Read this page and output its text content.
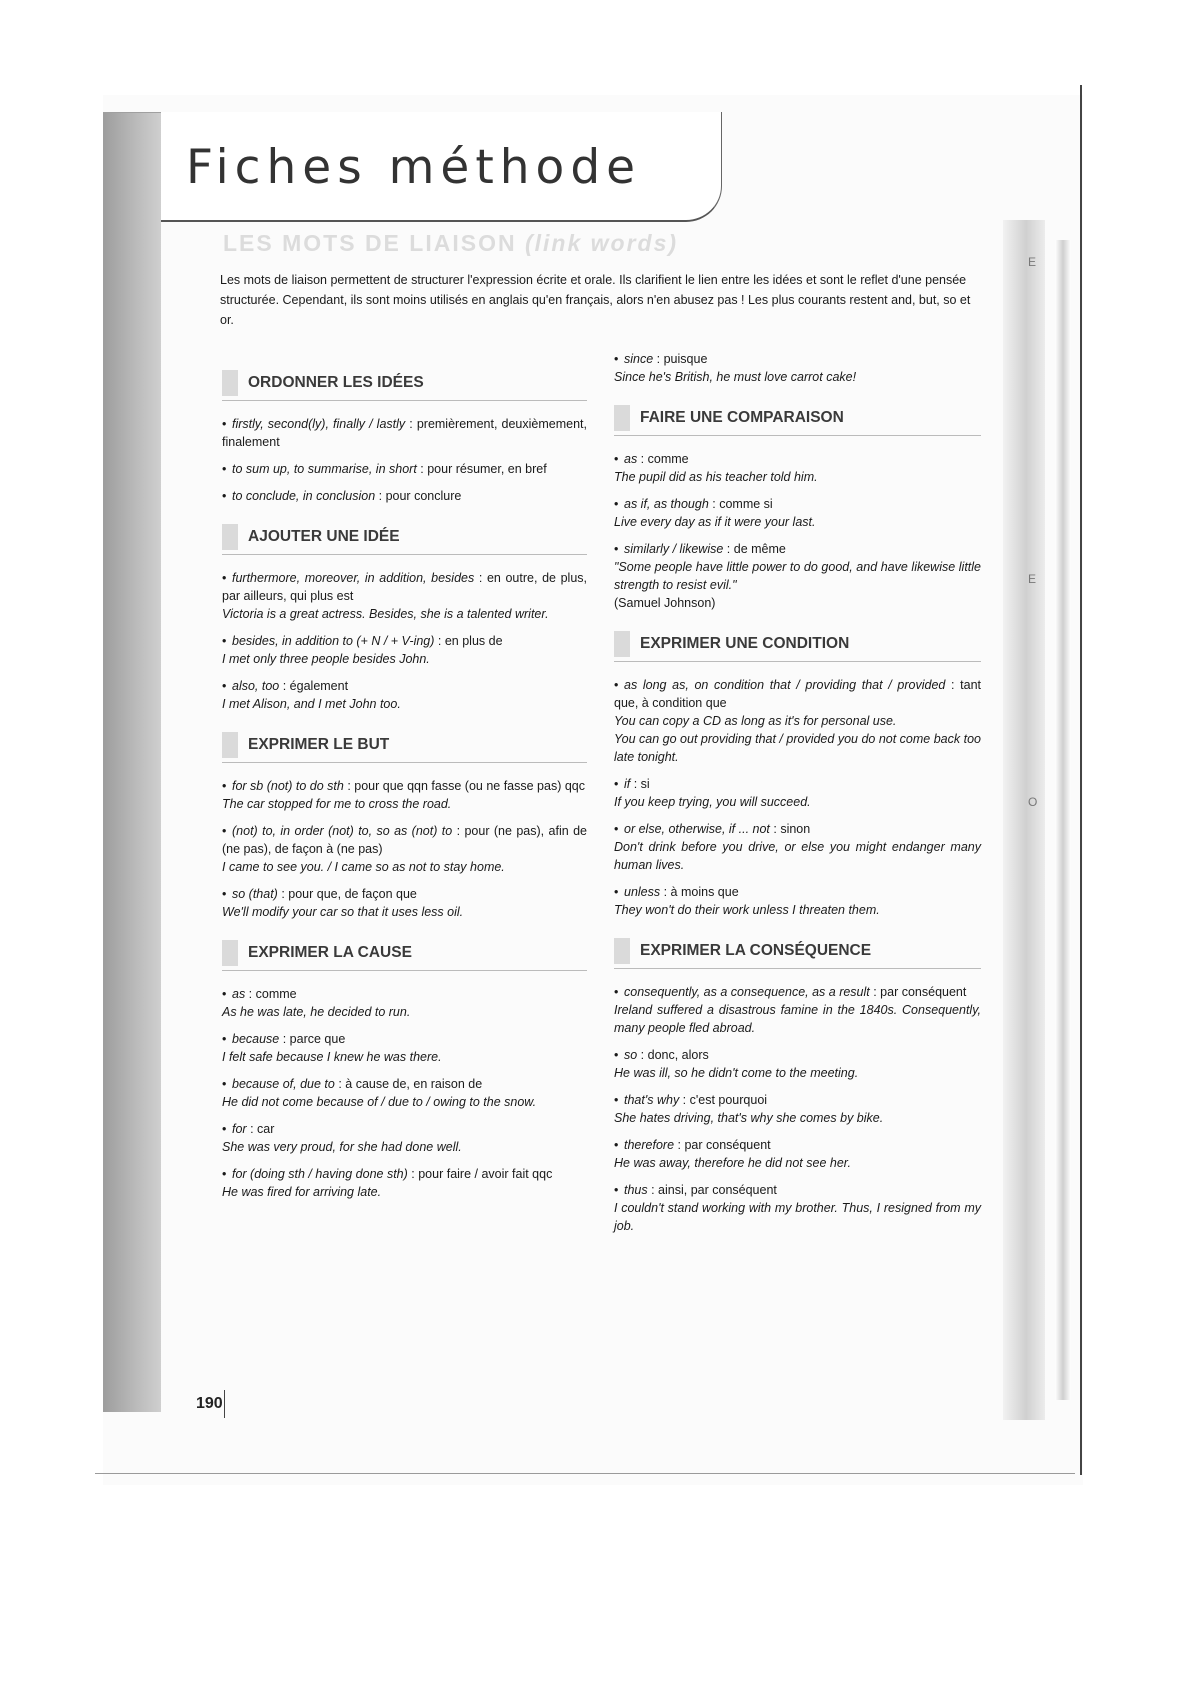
Fiches méthode
LES MOTS DE LIAISON (link words)
Les mots de liaison permettent de structurer l'expression écrite et orale. Ils clarifient le lien entre les idées et sont le reflet d'une pensée structurée. Cependant, ils sont moins utilisés en anglais qu'en français, alors n'en abusez pas ! Les plus courants restent and, but, so et or.
ORDONNER LES IDÉES
• firstly, second(ly), finally / lastly : premièrement, deuxièmement, finalement
• to sum up, to summarise, in short : pour résumer, en bref
• to conclude, in conclusion : pour conclure
AJOUTER UNE IDÉE
• furthermore, moreover, in addition, besides : en outre, de plus, par ailleurs, qui plus est
Victoria is a great actress. Besides, she is a talented writer.
• besides, in addition to (+ N / + V-ing) : en plus de
I met only three people besides John.
• also, too : également
I met Alison, and I met John too.
EXPRIMER LE BUT
• for sb (not) to do sth : pour que qqn fasse (ou ne fasse pas) qqc
The car stopped for me to cross the road.
• (not) to, in order (not) to, so as (not) to : pour (ne pas), afin de (ne pas), de façon à (ne pas)
I came to see you. / I came so as not to stay home.
• so (that) : pour que, de façon que
We'll modify your car so that it uses less oil.
EXPRIMER LA CAUSE
• as : comme
As he was late, he decided to run.
• because : parce que
I felt safe because I knew he was there.
• because of, due to : à cause de, en raison de
He did not come because of / due to / owing to the snow.
• for : car
She was very proud, for she had done well.
• for (doing sth / having done sth) : pour faire / avoir fait qqc
He was fired for arriving late.
• since : puisque
Since he's British, he must love carrot cake!
FAIRE UNE COMPARAISON
• as : comme
The pupil did as his teacher told him.
• as if, as though : comme si
Live every day as if it were your last.
• similarly / likewise : de même
"Some people have little power to do good, and have likewise little strength to resist evil."
(Samuel Johnson)
EXPRIMER UNE CONDITION
• as long as, on condition that / providing that / provided : tant que, à condition que
You can copy a CD as long as it's for personal use.
You can go out providing that / provided you do not come back too late tonight.
• if : si
If you keep trying, you will succeed.
• or else, otherwise, if ... not : sinon
Don't drink before you drive, or else you might endanger many human lives.
• unless : à moins que
They won't do their work unless I threaten them.
EXPRIMER LA CONSÉQUENCE
• consequently, as a consequence, as a result : par conséquent
Ireland suffered a disastrous famine in the 1840s. Consequently, many people fled abroad.
• so : donc, alors
He was ill, so he didn't come to the meeting.
• that's why : c'est pourquoi
She hates driving, that's why she comes by bike.
• therefore : par conséquent
He was away, therefore he did not see her.
• thus : ainsi, par conséquent
I couldn't stand working with my brother. Thus, I resigned from my job.
190
E
E
O
